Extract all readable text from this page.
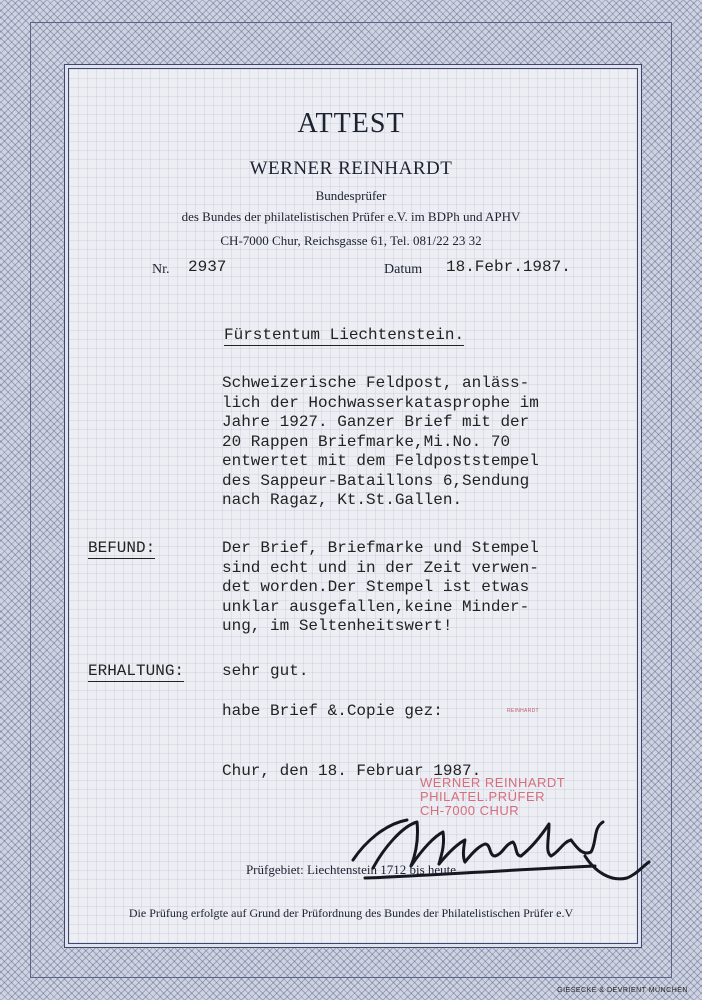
ATTEST
WERNER REINHARDT
Bundesprüfer
des Bundes der philatelistischen Prüfer e.V. im BDPh und APHV
CH-7000 Chur, Reichsgasse 61, Tel. 081/22 23 32
Nr. 2937	Datum 18.Febr.1987.
Fürstentum Liechtenstein.
Schweizerische Feldpost, anläss-
lich der Hochwasserkatasprophe im
Jahre 1927. Ganzer Brief mit der
20 Rappen Briefmarke,Mi.No. 70
entwertet mit dem Feldpoststempel
des Sappeur-Bataillons 6,Sendung
nach Ragaz, Kt.St.Gallen.
BEFUND:	Der Brief, Briefmarke und Stempel
sind echt und in der Zeit verwen-
det worden.Der Stempel ist etwas
unklar ausgefallen,keine Minder-
ung, im Seltenheitswert!
ERHALTUNG: sehr gut.
habe Brief &.Copie gez:	REINHARDT
Chur, den 18. Februar 1987.
WERNER REINHARDT
PHILATEL.PRÜFER
CH-7000 CHUR
Prüfgebiet: Liechtenstein 1712 bis heute
Die Prüfung erfolgte auf Grund der Prüfordnung des Bundes der Philatelistischen Prüfer e.V
GIESECKE & DEVRIENT MÜNCHEN
